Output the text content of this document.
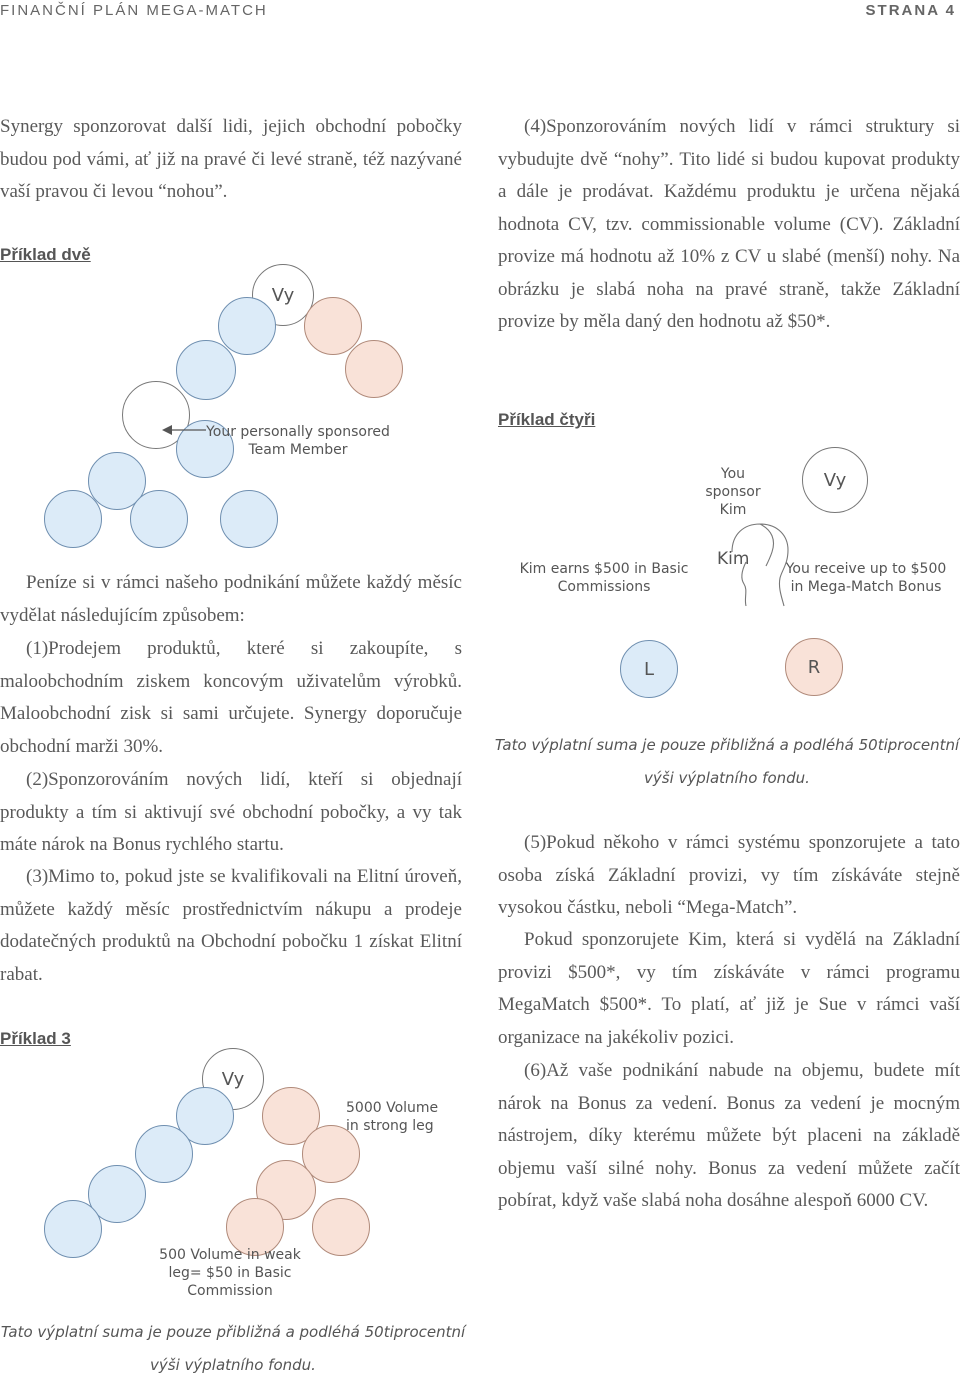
FINANČNÍ PLÁN MEGA-MATCH	STRANA 4

Synergy sponzorovat další lidi, jejich obchodní pobočky budou pod vámi, ať již na pravé či levé straně, též nazývané vaší pravou či levou “nohou”.

Příklad dvě
Vy
Your personally sponsored Team Member

Peníze si v rámci našeho podnikání můžete každý měsíc vydělat následujícím způsobem:

(1)Prodejem produktů, které si zakoupíte, s maloobchodním ziskem koncovým uživatelům výrobků. Maloobchodní zisk si sami určujete. Synergy doporučuje obchodní marži 30%.

(2)Sponzorováním nových lidí, kteří si objednají produkty a tím si aktivují své obchodní pobočky, a vy tak máte nárok na Bonus rychlého startu.

(3)Mimo to, pokud jste se kvalifikovali na Elitní úroveň, můžete každý měsíc prostřednictvím nákupu a prodeje dodatečných produktů na Obchodní pobočku 1 získat Elitní rabat.

Příklad 3
Vy
5000 Volume in strong leg
500 Volume in weak leg= $50 in Basic Commission
Tato výplatní suma je pouze přibližná a podléhá 50tiprocentní výši výplatního fondu.

(4)Sponzorováním nových lidí v rámci struktury si vybudujte dvě “nohy”. Tito lidé si budou kupovat produkty a dále je prodávat. Každému produktu je určena nějaká hodnota CV, tzv. commissionable volume (CV). Základní provize má hodnotu až 10% z CV u slabé (menší) nohy. Na obrázku je slabá noha na pravé straně, takže Základní provize by měla daný den hodnotu až $50*.

Příklad čtyři
You sponsor Kim
Vy
Kim
Kim earns $500 in Basic Commissions
You receive up to $500 in Mega-Match Bonus
L	R
Tato výplatní suma je pouze přibližná a podléhá 50tiprocentní výši výplatního fondu.

(5)Pokud někoho v rámci systému sponzorujete a tato osoba získá Základní provizi, vy tím získáváte stejně vysokou částku, neboli “Mega-Match”.

Pokud sponzorujete Kim, která si vydělá na Základní provizi $500*, vy tím získáváte v rámci programu MegaMatch $500*. To platí, ať již je Sue v rámci vaší organizace na jakékoliv pozici.

(6)Až vaše podnikání nabude na objemu, budete mít nárok na Bonus za vedení. Bonus za vedení je mocným nástrojem, díky kterému můžete být placeni na základě objemu vaší silné nohy. Bonus za vedení můžete začít pobírat, když vaše slabá noha dosáhne alespoň 6000 CV.
